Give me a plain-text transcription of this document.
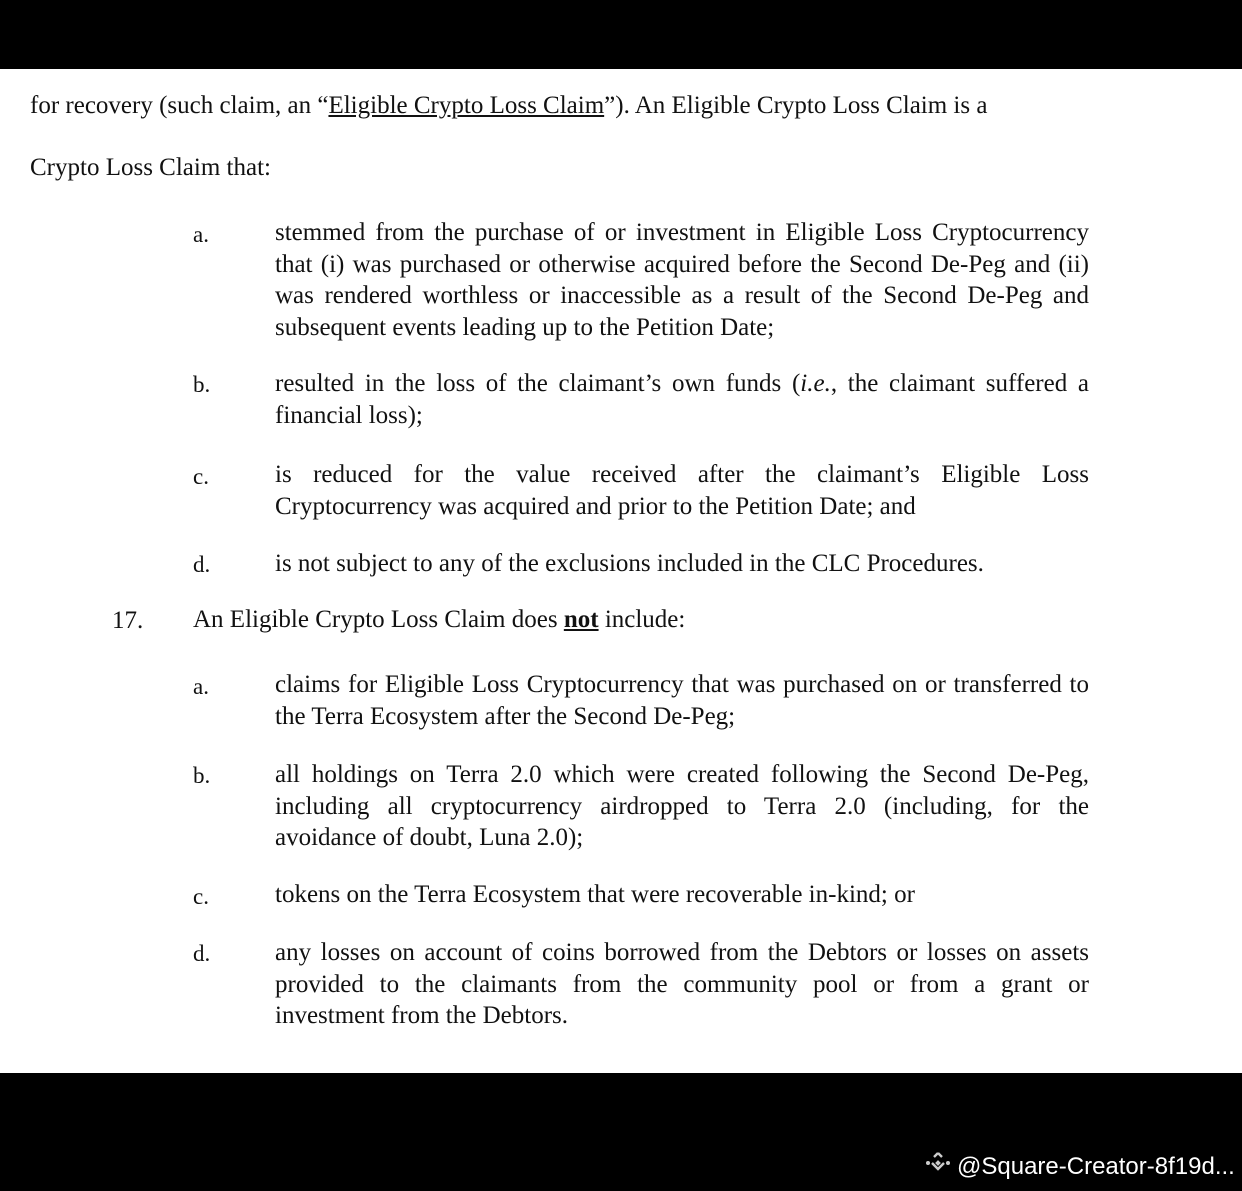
for recovery (such claim, an “Eligible Crypto Loss Claim”). An Eligible Crypto Loss Claim is a
Crypto Loss Claim that:
a.	stemmed from the purchase of or investment in Eligible Loss Cryptocurrency that (i) was purchased or otherwise acquired before the Second De-Peg and (ii) was rendered worthless or inaccessible as a result of the Second De-Peg and subsequent events leading up to the Petition Date;
b.	resulted in the loss of the claimant’s own funds (i.e., the claimant suffered a financial loss);
c.	is reduced for the value received after the claimant’s Eligible Loss Cryptocurrency was acquired and prior to the Petition Date; and
d.	is not subject to any of the exclusions included in the CLC Procedures.
17. An Eligible Crypto Loss Claim does not include:
a.	claims for Eligible Loss Cryptocurrency that was purchased on or transferred to the Terra Ecosystem after the Second De-Peg;
b.	all holdings on Terra 2.0 which were created following the Second De-Peg, including all cryptocurrency airdropped to Terra 2.0 (including, for the avoidance of doubt, Luna 2.0);
c.	tokens on the Terra Ecosystem that were recoverable in-kind; or
d.	any losses on account of coins borrowed from the Debtors or losses on assets provided to the claimants from the community pool or from a grant or investment from the Debtors.
@Square-Creator-8f19d...
